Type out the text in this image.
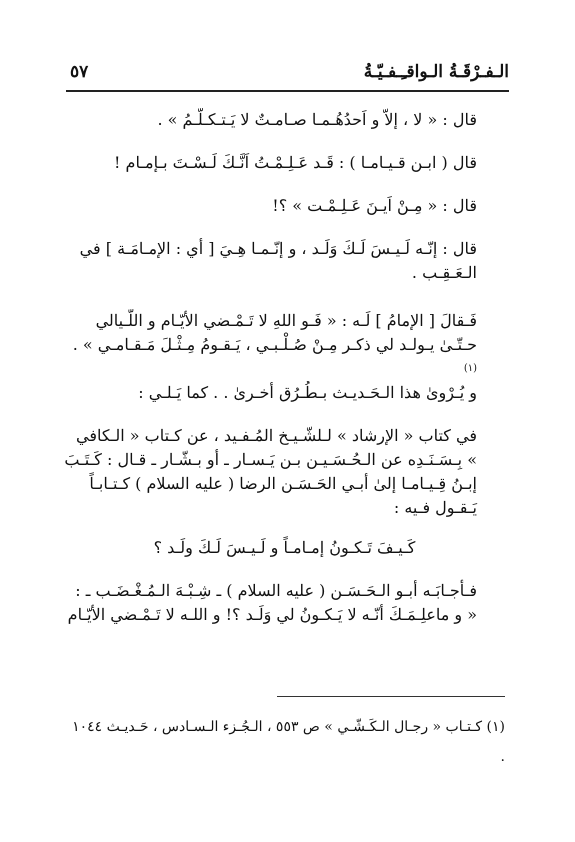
الـفـرْقَـةُ الـواقـِـفـيّـةُ
٥٧
قال : « لا ، إلاّ و اَحدُهُـمـا صـامـتٌ لا يَـتـكـلّـمُ » .
قال ( ابـن قـيـامـا ) : قَـد عَـلِـمْـتُ اَنَّـكَ لَـسْـتَ بـإمـام !
قال : « مِـنْ اَيـنَ عَـلِـمْـت » ؟!
قال : إنّـه لَـيـسَ لَـكَ وَلَـد ، و إنّـمـا هِـيَ [ أي : الإمـامَـة ] في الـعَـقِـب .
فَـقالَ [ الإمامُ ] لَـه : « فَـو اللهِ لا تَـمْـضي الأيّـام و اللّـيالي حـتّـىٰ يـولـد لي ذكـر مِـنْ صُـلْـبـي ، يَـقـومُ مِـثْـلَ مَـقـامـي » . $^{(١)}$
و يُـرْوىٰ هذا الـحَـديـث بـطُـرُق أخـرىٰ . . كما يَـلـي :
في كتاب « الإرشاد » لـلشّـيـخ المُـفـيد ، عن كـتاب « الـكافي » بِـسَـنَـدِه عن الـحُـسَـيـن بـن يَـسـار ـ أو بـشّـار ـ قـال : كَـتَـبَ إبـنُ قِـيـامـا إلىٰ أبـي الحَـسَـن الرضا ( عليه السلام ) كـتـابـاً يَـقـول فـيه :
كَـيـفَ تَـكـونُ إمـامـاً و لَـيـسَ لَـكَ ولَـد ؟
فـأجـابَـه أبـو الـحَـسَـن ( عليه السلام ) ـ شِـبْـهَ الـمُـغْـضَـب ـ : « و ماعلِـمَـكَ أنّـه لا يَـكـونُ لي وَلَـد ؟! و اللـه لا تَـمْـضي الأيّـام
(١) كـتـاب « رجـال الـكَـشّـي » ص ٥٥٣ ، الـجُـزء الـسـادس ، حَـديـث ١٠٤٤ .
